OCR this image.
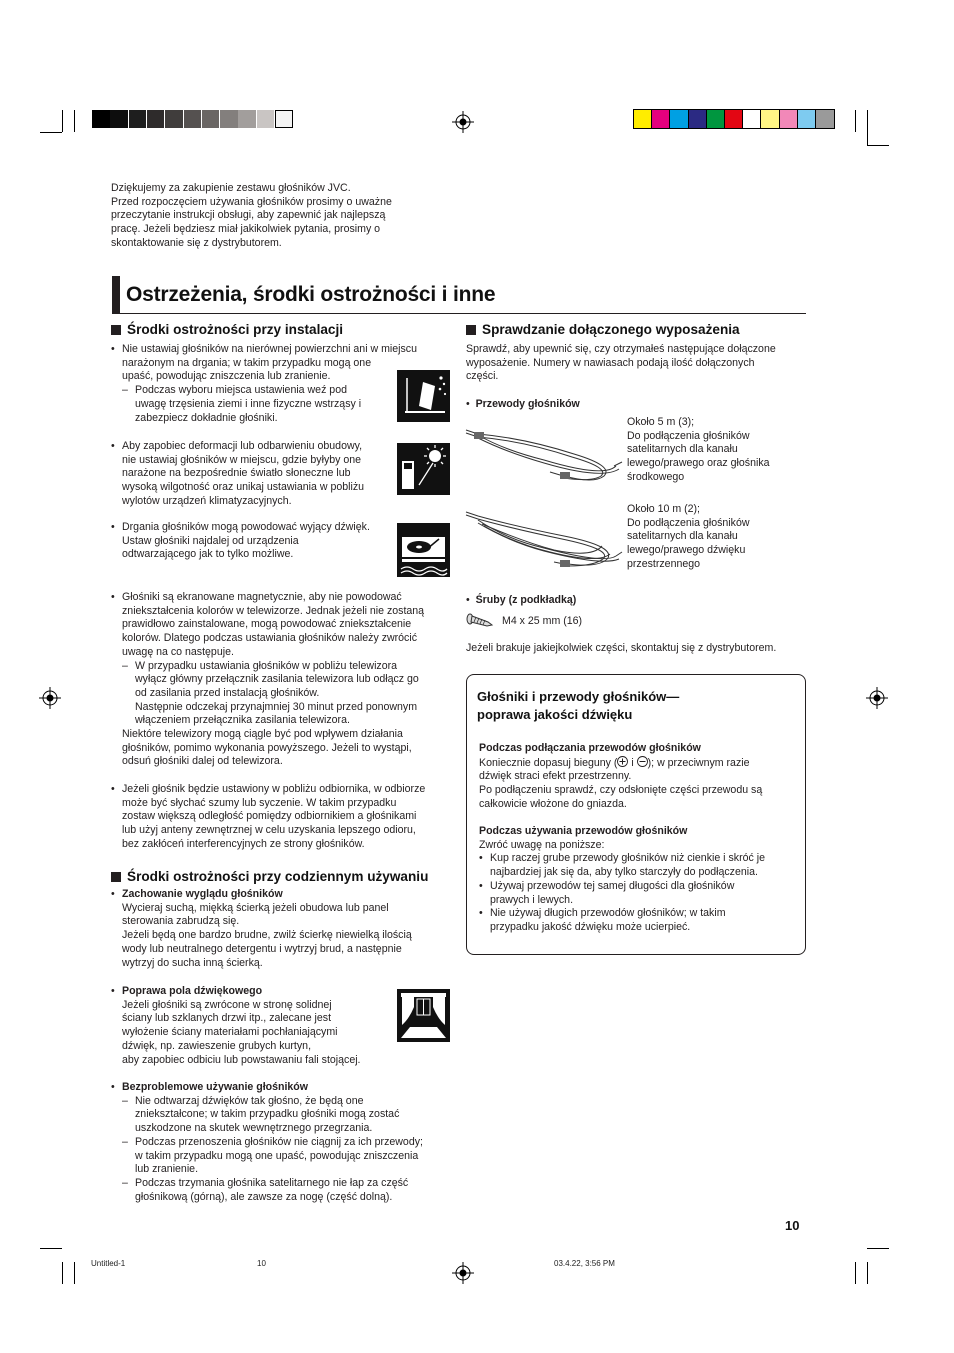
Dziękujemy za zakupienie zestawu głośników JVC.
Przed rozpoczęciem używania głośników prosimy o uważne
przeczytanie instrukcji obsługi, aby zapewnić jak najlepszą
pracę. Jeżeli będziesz miał jakikolwiek pytania, prosimy o
skontaktowanie się z dystrybutorem.
Ostrzeżenia, środki ostrożności i inne
Środki ostrożności przy instalacji
• Nie ustawiaj głośników na nierównej powierzchni ani w miejscu
narażonym na drgania; w takim przypadku mogą one
upaść, powodując zniszczenia lub zranienie.
– Podczas wyboru miejsca ustawienia weź pod
uwagę trzęsienia ziemi i inne fizyczne wstrząsy i
zabezpiecz dokładnie głośniki.
• Aby zapobiec deformacji lub odbarwieniu obudowy,
nie ustawiaj głośników w miejscu, gdzie byłyby one
narażone na bezpośrednie światło słoneczne lub
wysoką wilgotność oraz unikaj ustawiania w pobliżu
wylotów urządzeń klimatyzacyjnych.
• Drgania głośników mogą powodować wyjący dźwięk.
Ustaw głośniki najdalej od urządzenia
odtwarzającego jak to tylko możliwe.
• Głośniki są ekranowane magnetycznie, aby nie powodować
zniekształcenia kolorów w telewizorze. Jednak jeżeli nie zostaną
prawidłowo zainstalowane, mogą powodować zniekształcenie
kolorów. Dlatego podczas ustawiania głośników należy zwrócić
uwagę na co następuje.
– W przypadku ustawiania głośników w pobliżu telewizora
wyłącz główny przełącznik zasilania telewizora lub odłącz go
od zasilania przed instalacją głośników.
Następnie odczekaj przynajmniej 30 minut przed ponownym
włączeniem przełącznika zasilania telewizora.
Niektóre telewizory mogą ciągle być pod wpływem działania
głośników, pomimo wykonania powyższego. Jeżeli to wystąpi,
odsuń głośniki dalej od telewizora.
• Jeżeli głośnik będzie ustawiony w pobliżu odbiornika, w odbiorze
może być słychać szumy lub syczenie. W takim przypadku
zostaw większą odległość pomiędzy odbiornikiem a głośnikami
lub użyj anteny zewnętrznej w celu uzyskania lepszego odioru,
bez zakłóceń interferencyjnych ze strony głośników.
Środki ostrożności przy codziennym używaniu
• Zachowanie wyglądu głośników
Wycieraj suchą, miękką ścierką jeżeli obudowa lub panel
sterowania zabrudzą się.
Jeżeli będą one bardzo brudne, zwilż ścierkę niewielką ilością
wody lub neutralnego detergentu i wytrzyj brud, a następnie
wytrzyj do sucha inną ścierką.
• Poprawa pola dźwiękowego
Jeżeli głośniki są zwrócone w stronę solidnej
ściany lub szklanych drzwi itp., zalecane jest
wyłożenie ściany materiałami pochłaniającymi
dźwięk, np. zawieszenie grubych kurtyn,
aby zapobiec odbiciu lub powstawaniu fali stojącej.
• Bezproblemowe używanie głośników
– Nie odtwarzaj dźwięków tak głośno, że będą one
zniekształcone; w takim przypadku głośniki mogą zostać
uszkodzone na skutek wewnętrznego przegrzania.
– Podczas przenoszenia głośników nie ciągnij za ich przewody;
w takim przypadku mogą one upaść, powodując zniszczenia
lub zranienie.
– Podczas trzymania głośnika satelitarnego nie łap za część
głośnikową (górną), ale zawsze za nogę (część dolną).
Sprawdzanie dołączonego wyposażenia
Sprawdź, aby upewnić się, czy otrzymałeś następujące dołączone
wyposażenie. Numery w nawiasach podają ilość dołączonych
części.
• Przewody głośników
Około 5 m (3);
Do podłączenia głośników
satelitarnych dla kanału
lewego/prawego oraz głośnika
środkowego
Około 10 m (2);
Do podłączenia głośników
satelitarnych dla kanału
lewego/prawego dźwięku
przestrzennego
• Śruby (z podkładką)
M4 x 25 mm (16)
Jeżeli brakuje jakiejkolwiek części, skontaktuj się z dystrybutorem.
Głośniki i przewody głośników—
poprawa jakości dźwięku
Podczas podłączania przewodów głośników
Koniecznie dopasuj bieguny ( i ); w przeciwnym razie
dźwięk straci efekt przestrzenny.
Po podłączeniu sprawdź, czy odsłonięte części przewodu są
całkowicie włożone do gniazda.
Podczas używania przewodów głośników
Zwróć uwagę na poniższe:
• Kup raczej grube przewody głośników niż cienkie i skróć je
najbardziej jak się da, aby tylko starczyły do podłączenia.
• Używaj przewodów tej samej długości dla głośników
prawych i lewych.
• Nie używaj długich przewodów głośników; w takim
przypadku jakość dźwięku może ucierpieć.
10
Untitled-1	10	03.4.22, 3:56 PM
